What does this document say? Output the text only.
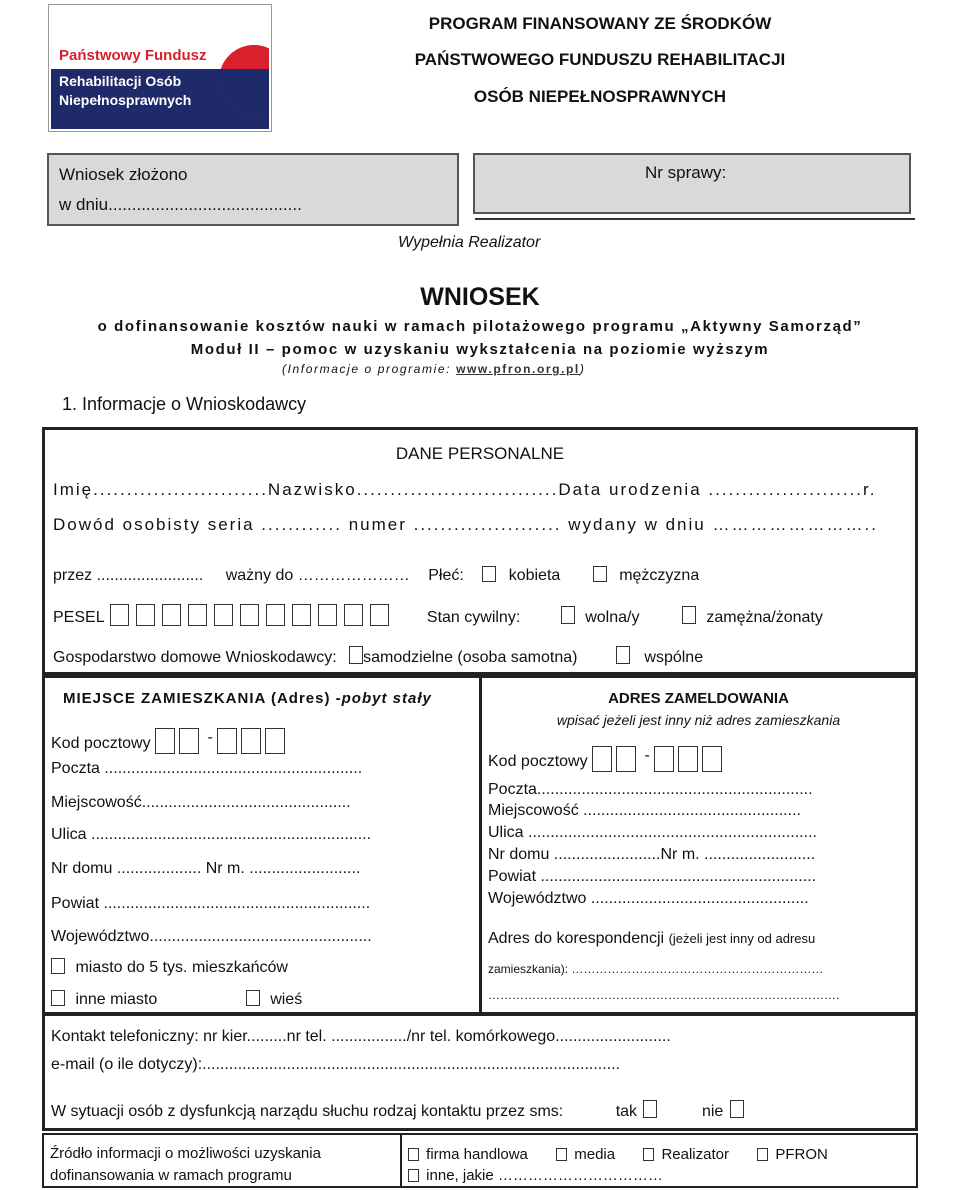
Państwowy Fundusz
Rehabilitacji Osób
Niepełnosprawnych
PROGRAM FINANSOWANY ZE ŚRODKÓW
PAŃSTWOWEGO FUNDUSZU REHABILITACJI
OSÓB NIEPEŁNOSPRAWNYCH
Wniosek złożono
w dniu.........................................
Nr sprawy:
Wypełnia Realizator
WNIOSEK
o dofinansowanie kosztów nauki w ramach pilotażowego programu „Aktywny Samorząd”
Moduł II – pomoc w uzyskaniu wykształcenia na poziomie wyższym
(Informacje o programie: www.pfron.org.pl)
1. Informacje o Wnioskodawcy
DANE PERSONALNE
Imię..........................Nazwisko..............................Data urodzenia .......................r.
Dowód osobisty seria ............ numer ...................... wydany w dniu ……………………..
przez ........................ ważny do ………………… Płeć:	kobieta	mężczyzna
PESEL	Stan cywilny:	wolna/y	zamężna/żonaty
Gospodarstwo domowe Wnioskodawcy: samodzielne (osoba samotna)	wspólne
MIEJSCE ZAMIESZKANIA (Adres) -pobyt stały
Kod pocztowy	-
Poczta ..........................................................
Miejscowość...............................................
Ulica ...............................................................
Nr domu ................... Nr m. .........................
Powiat ............................................................
Województwo..................................................
miasto do 5 tys. mieszkańców
inne miasto	wieś
ADRES ZAMELDOWANIA
wpisać jeżeli jest inny niż adres zamieszkania
Kod pocztowy	-
Poczta..............................................................
Miejscowość .................................................
Ulica .................................................................
Nr domu ........................Nr m. .........................
Powiat ..............................................................
Województwo .................................................
Adres do korespondencji (jeżeli jest inny od adresu
zamieszkania): ………………………………………………………
…………………………………………………………………………….
Kontakt telefoniczny: nr kier.........nr tel. ................./nr tel. komórkowego..........................
e-mail (o ile dotyczy):..............................................................................................
W sytuacji osób z dysfunkcją narządu słuchu rodzaj kontaktu przez sms:	tak	nie
Źródło informacji o możliwości uzyskania
dofinansowania w ramach programu
firma handlowa	media	Realizator	PFRON
inne, jakie ……………………………
